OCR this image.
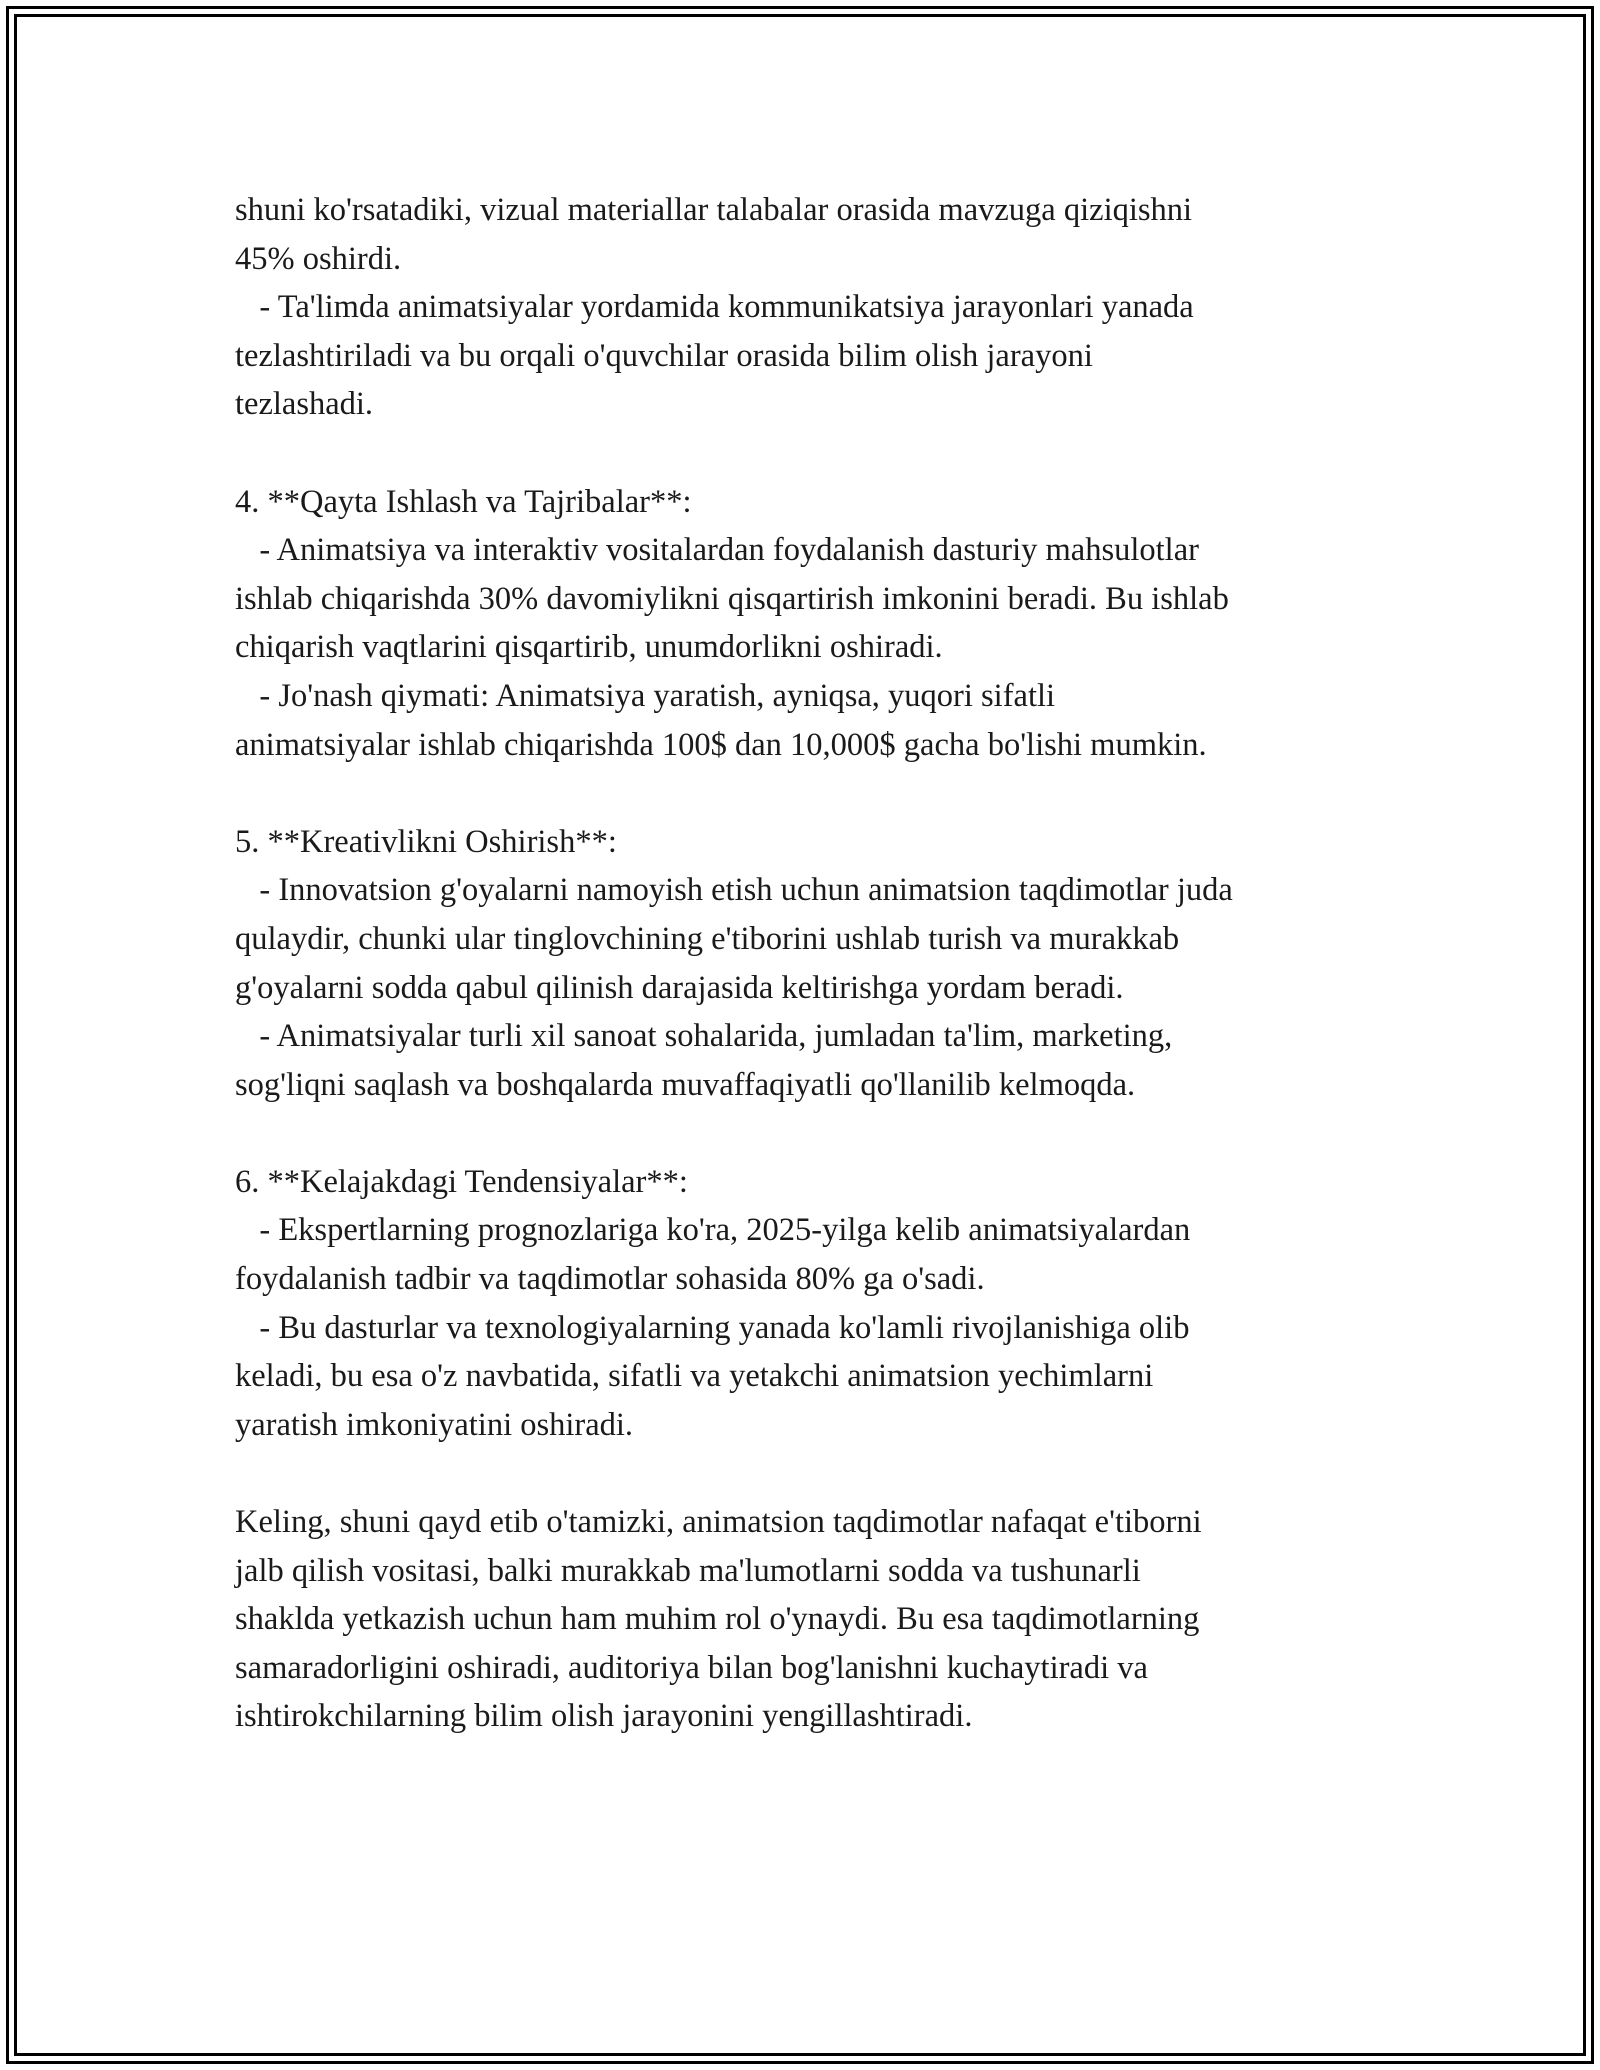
shuni ko'rsatadiki, vizual materiallar talabalar orasida mavzuga qiziqishni
45% oshirdi.
- Ta'limda animatsiyalar yordamida kommunikatsiya jarayonlari yanada
tezlashtiriladi va bu orqali o'quvchilar orasida bilim olish jarayoni
tezlashadi.
4. **Qayta Ishlash va Tajribalar**:
- Animatsiya va interaktiv vositalardan foydalanish dasturiy mahsulotlar
ishlab chiqarishda 30% davomiylikni qisqartirish imkonini beradi. Bu ishlab
chiqarish vaqtlarini qisqartirib, unumdorlikni oshiradi.
- Jo'nash qiymati: Animatsiya yaratish, ayniqsa, yuqori sifatli
animatsiyalar ishlab chiqarishda 100$ dan 10,000$ gacha bo'lishi mumkin.
5. **Kreativlikni Oshirish**:
- Innovatsion g'oyalarni namoyish etish uchun animatsion taqdimotlar juda
qulaydir, chunki ular tinglovchining e'tiborini ushlab turish va murakkab
g'oyalarni sodda qabul qilinish darajasida keltirishga yordam beradi.
- Animatsiyalar turli xil sanoat sohalarida, jumladan ta'lim, marketing,
sog'liqni saqlash va boshqalarda muvaffaqiyatli qo'llanilib kelmoqda.
6. **Kelajakdagi Tendensiyalar**:
- Ekspertlarning prognozlariga ko'ra, 2025-yilga kelib animatsiyalardan
foydalanish tadbir va taqdimotlar sohasida 80% ga o'sadi.
- Bu dasturlar va texnologiyalarning yanada ko'lamli rivojlanishiga olib
keladi, bu esa o'z navbatida, sifatli va yetakchi animatsion yechimlarni
yaratish imkoniyatini oshiradi.
Keling, shuni qayd etib o'tamizki, animatsion taqdimotlar nafaqat e'tiborni
jalb qilish vositasi, balki murakkab ma'lumotlarni sodda va tushunarli
shaklda yetkazish uchun ham muhim rol o'ynaydi. Bu esa taqdimotlarning
samaradorligini oshiradi, auditoriya bilan bog'lanishni kuchaytiradi va
ishtirokchilarning bilim olish jarayonini yengillashtiradi.
